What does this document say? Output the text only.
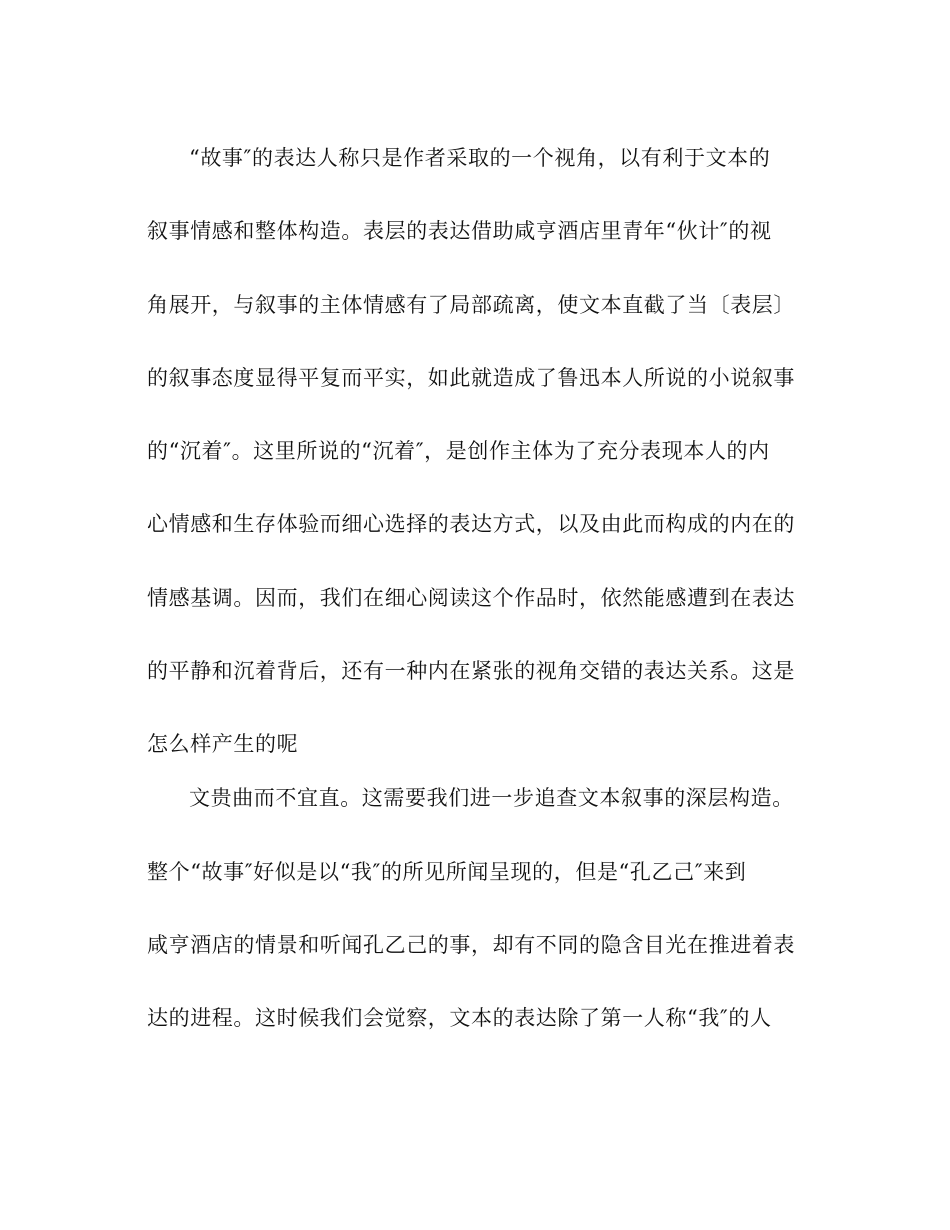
“故事″的表达人称只是作者采取的一个视角，以有利于文本的
叙事情感和整体构造。表层的表达借助咸亨酒店里青年“伙计″的视
角展开，与叙事的主体情感有了局部疏离，使文本直截了当〔表层〕
的叙事态度显得平复而平实，如此就造成了鲁迅本人所说的小说叙事
的“沉着″。这里所说的“沉着″，是创作主体为了充分表现本人的内
心情感和生存体验而细心选择的表达方式，以及由此而构成的内在的
情感基调。因而，我们在细心阅读这个作品时，依然能感遭到在表达
的平静和沉着背后，还有一种内在紧张的视角交错的表达关系。这是
怎么样产生的呢
文贵曲而不宜直。这需要我们进一步追查文本叙事的深层构造。
整个“故事″好似是以“我″的所见所闻呈现的，但是“孔乙己″来到
咸亨酒店的情景和听闻孔乙己的事，却有不同的隐含目光在推进着表
达的进程。这时候我们会觉察，文本的表达除了第一人称“我″的人
